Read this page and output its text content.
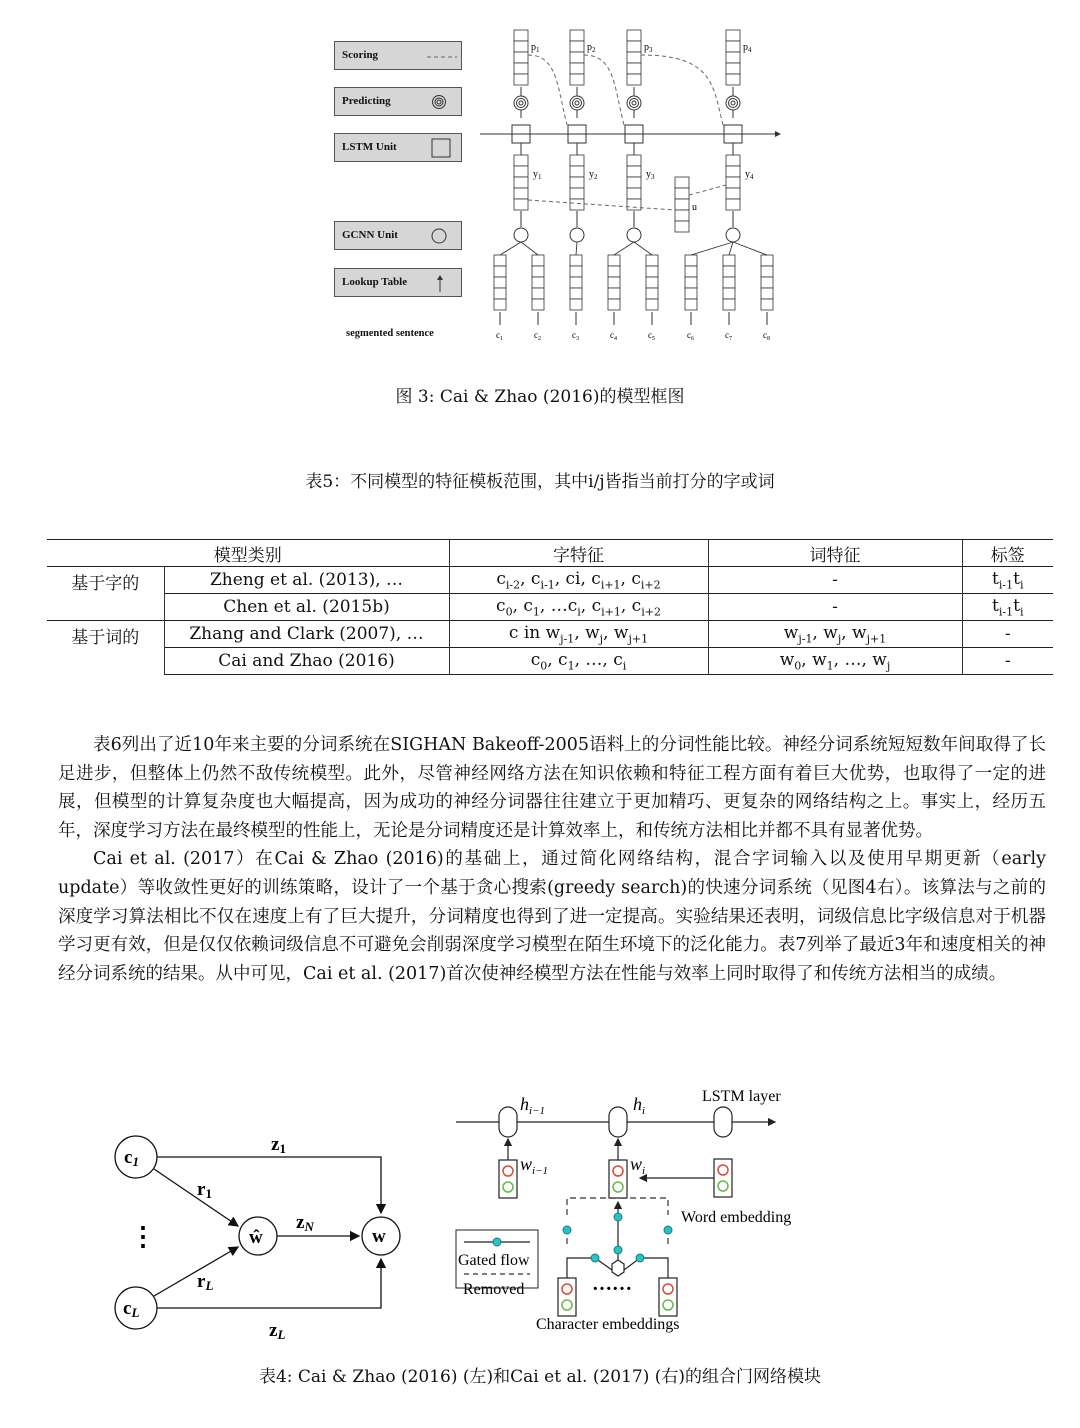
Scoring
Predicting
LSTM Unit
GCNN Unit
Lookup Table
segmented sentence
$p_1$
$y_1$
$p_2$
$y_2$
$p_3$
$y_3$
$p_4$
$y_4$
u
$c_1$	$c_2$	$c_3$	$c_4$	$c_5$	$c_6$	$c_7$	$c_8$
图 3: Cai & Zhao (2016)的模型框图
表5：不同模型的特征模板范围，其中i/j皆指当前打分的字或词
模型类别		字特征	词特征	标签
基于字的	Zheng et al. (2013), …	$c_{i-2}$, $c_{i-1}$, ci, $c_{i+1}$, $c_{i+2}$	-	$t_{i-1}t_i$
	Chen et al. (2015b)	$c_0$, $c_1$, $\dots c_i$, $c_{i+1}$, $c_{i+2}$	-	$t_{i-1}t_i$
基于词的	Zhang and Clark (2007), …	c in $w_{j-1}$, $w_j$, $w_{j+1}$	$w_{j-1}$, $w_j$, $w_{j+1}$	-
	Cai and Zhao (2016)	$c_0$, $c_1$, …, $c_i$	$w_0$, $w_1$, …, $w_j$	-

表6列出了近10年来主要的分词系统在SIGHAN Bakeoff-2005语料上的分词性能比较。神经分词系统短短数年间取得了长足进步，但整体上仍然不敌传统模型。此外，尽管神经网络方法在知识依赖和特征工程方面有着巨大优势，也取得了一定的进展，但模型的计算复杂度也大幅提高，因为成功的神经分词器往往建立于更加精巧、更复杂的网络结构之上。事实上，经历五年，深度学习方法在最终模型的性能上，无论是分词精度还是计算效率上，和传统方法相比并都不具有显著优势。

Cai et al. (2017）在Cai & Zhao (2016)的基础上，通过简化网络结构，混合字词输入以及使用早期更新（early update）等收敛性更好的训练策略，设计了一个基于贪心搜索(greedy search)的快速分词系统（见图4右）。该算法与之前的深度学习算法相比不仅在速度上有了巨大提升，分词精度也得到了进一定提高。实验结果还表明，词级信息比字级信息对于机器学习更有效，但是仅仅依赖词级信息不可避免会削弱深度学习模型在陌生环境下的泛化能力。表7列举了最近3年和速度相关的神经分词系统的结果。从中可见，Cai et al. (2017)首次使神经模型方法在性能与效率上同时取得了和传统方法相当的成绩。

c1
cL
ŵ	w
⋮
z1
r1
zN
rL
zL
$h_{i-1}$	$h_i$
LSTM layer
$w_{i-1}$	$w_i$
Word embedding
……
Character embeddings
Gated flow
Removed
表4: Cai & Zhao (2016) (左)和Cai et al. (2017) (右)的组合门网络模块
